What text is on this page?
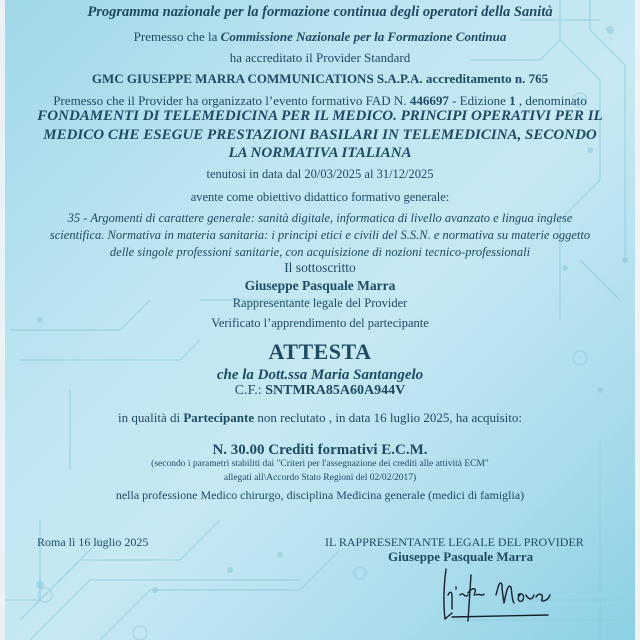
Programma nazionale per la formazione continua degli operatori della Sanità
Premesso che la Commissione Nazionale per la Formazione Continua
ha accreditato il Provider Standard
GMC GIUSEPPE MARRA COMMUNICATIONS S.A.P.A. accreditamento n. 765
Premesso che il Provider ha organizzato l’evento formativo FAD N. 446697 - Edizione 1 , denominato
FONDAMENTI DI TELEMEDICINA PER IL MEDICO. PRINCIPI OPERATIVI PER IL
MEDICO CHE ESEGUE PRESTAZIONI BASILARI IN TELEMEDICINA, SECONDO
LA NORMATIVA ITALIANA
tenutosi in data dal 20/03/2025 al 31/12/2025
avente come obiettivo didattico formativo generale:
35 - Argomenti di carattere generale: sanità digitale, informatica di livello avanzato e lingua inglese
scientifica. Normativa in materia sanitaria: i principi etici e civili del S.S.N. e normativa su materie oggetto
delle singole professioni sanitarie, con acquisizione di nozioni tecnico-professionali
Il sottoscritto
Giuseppe Pasquale Marra
Rappresentante legale del Provider
Verificato l’apprendimento del partecipante
ATTESTA
che la Dott.ssa Maria Santangelo
C.F.: SNTMRA85A60A944V
in qualità di Partecipante non reclutato , in data 16 luglio 2025, ha acquisito:
N. 30.00 Crediti formativi E.C.M.
(secondo i parametri stabiliti dai "Criteri per l'assegnazione dei crediti alle attività ECM"
allegati all\Accordo Stato Regioni del 02/02/2017)
nella professione Medico chirurgo, disciplina Medicina generale (medici di famiglia)
Roma lì 16 luglio 2025	IL RAPPRESENTANTE LEGALE DEL PROVIDER
Giuseppe Pasquale Marra
